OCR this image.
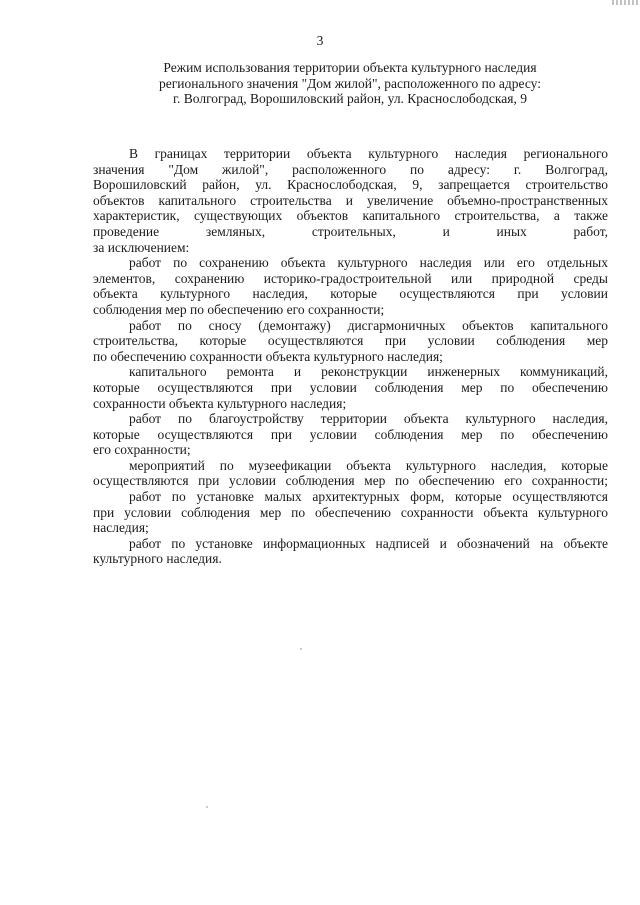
3
Режим использования территории объекта культурного наследия
регионального значения "Дом жилой", расположенного по адресу:
г. Волгоград, Ворошиловский район, ул. Краснослободская, 9
В границах территории объекта культурного наследия регионального
значения "Дом жилой", расположенного по адресу: г. Волгоград,
Ворошиловский район, ул. Краснослободская, 9, запрещается строительство
объектов капитального строительства и увеличение объемно-пространственных
характеристик, существующих объектов капитального строительства, а также
проведение земляных, строительных, и иных работ,
за исключением:
работ по сохранению объекта культурного наследия или его отдельных
элементов, сохранению историко-градостроительной или природной среды
объекта культурного наследия, которые осуществляются при условии
соблюдения мер по обеспечению его сохранности;
работ по сносу (демонтажу) дисгармоничных объектов капитального
строительства, которые осуществляются при условии соблюдения мер
по обеспечению сохранности объекта культурного наследия;
капитального ремонта и реконструкции инженерных коммуникаций,
которые осуществляются при условии соблюдения мер по обеспечению
сохранности объекта культурного наследия;
работ по благоустройству территории объекта культурного наследия,
которые осуществляются при условии соблюдения мер по обеспечению
его сохранности;
мероприятий по музеефикации объекта культурного наследия, которые
осуществляются при условии соблюдения мер по обеспечению его сохранности;
работ по установке малых архитектурных форм, которые осуществляются
при условии соблюдения мер по обеспечению сохранности объекта культурного
наследия;
работ по установке информационных надписей и обозначений на объекте
культурного наследия.
